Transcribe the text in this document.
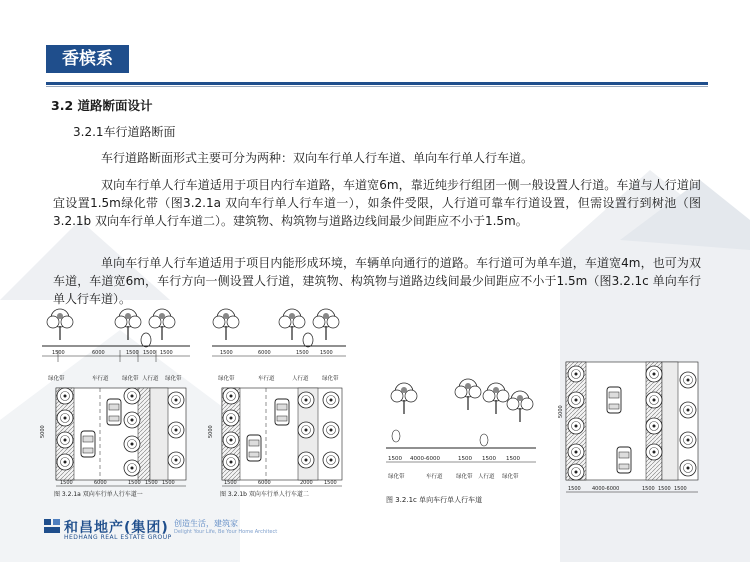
香槟系
3.2 道路断面设计
3.2.1车行道路断面
车行道路断面形式主要可分为两种：双向车行单人行车道、单向车行单人行车道。
双向车行单人行车道适用于项目内行车道路，车道宽6m，靠近纯步行组团一侧一般设置人行道。车道与人行道间宜设置1.5m绿化带（图3.2.1a 双向车行单人行车道一），如条件受限，人行道可靠车行道设置，但需设置行到树池（图3.2.1b 双向车行单人行车道二）。建筑物、构筑物与道路边线间最少间距应不小于1.5m。
单向车行单人行车道适用于项目内能形成环境，车辆单向通行的道路。车行道可为单车道，车道宽4m，也可为双车道，车道宽6m，车行方向一侧设置人行道，建筑物、构筑物与道路边线间最少间距应不小于1.5m（图3.2.1c 单向车行单人行车道）。
1500	6000	1500 1500 1500
绿化带	车行道 绿化带 人行道 绿化带
5000
1500	6000	1500 1500 1500
图 3.2.1a 双向车行单人行车道一
1500	6000	1500 1500
绿化带	车行道	人行道 绿化带
5000
1500	6000	2000 1500
图 3.2.1b 双向车行单人行车道二
1500 4000-6000	1500 1500 1500
绿化带	车行道 绿化带 人行道 绿化带
图 3.2.1c 单向车行单人行车道
5000
1500 4000-6000	1500 1500 1500
和昌地产(集团)
HEDHANG REAL ESTATE GROUP
创造生活，建筑家
Delight Your Life, Be Your Home Architect
